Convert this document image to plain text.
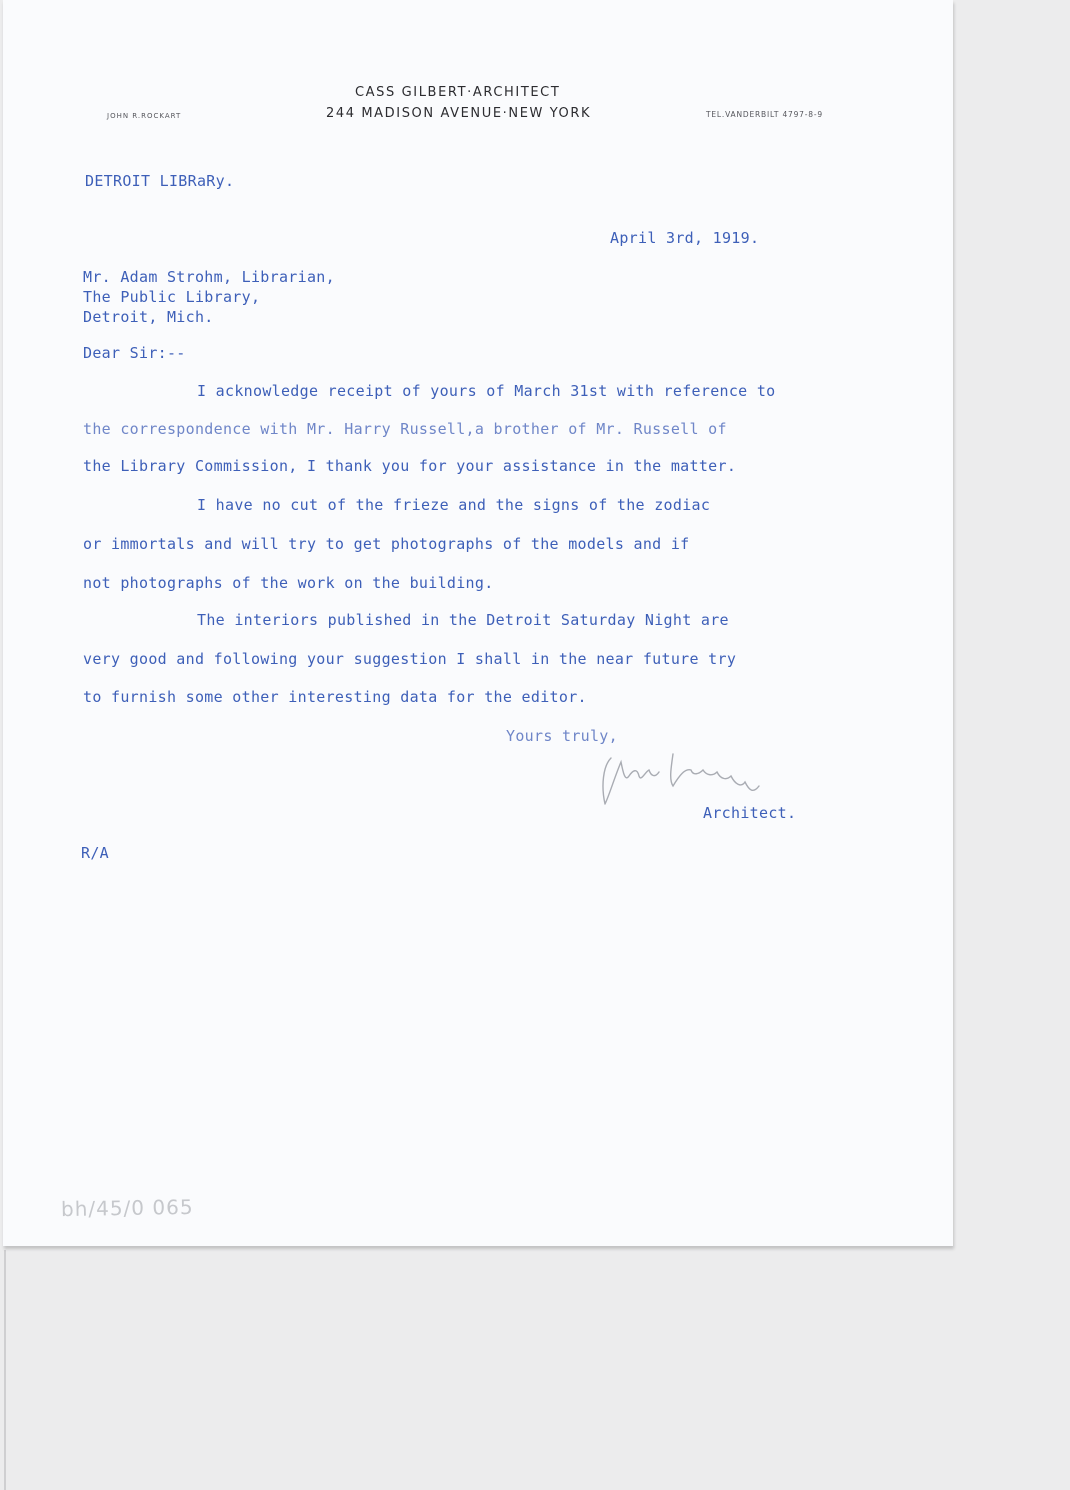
CASS GILBERT·ARCHITECT
244 MADISON AVENUE·NEW YORK
JOHN R.ROCKART	TEL.VANDERBILT 4797-8-9
DETROIT LIBRaRy.
April 3rd, 1919.
Mr. Adam Strohm, Librarian,
The Public Library,
Detroit, Mich.
Dear Sir:--
I acknowledge receipt of yours of March 31st with reference to
the correspondence with Mr. Harry Russell,a brother of Mr. Russell of
the Library Commission, I thank you for your assistance in the matter.
I have no cut of the frieze and the signs of the zodiac
or immortals and will try to get photographs of the models and if
not photographs of the work on the building.
The interiors published in the Detroit Saturday Night are
very good and following your suggestion I shall in the near future try
to furnish some other interesting data for the editor.
Yours truly,
Architect.
R/A
bh/45/0 065
